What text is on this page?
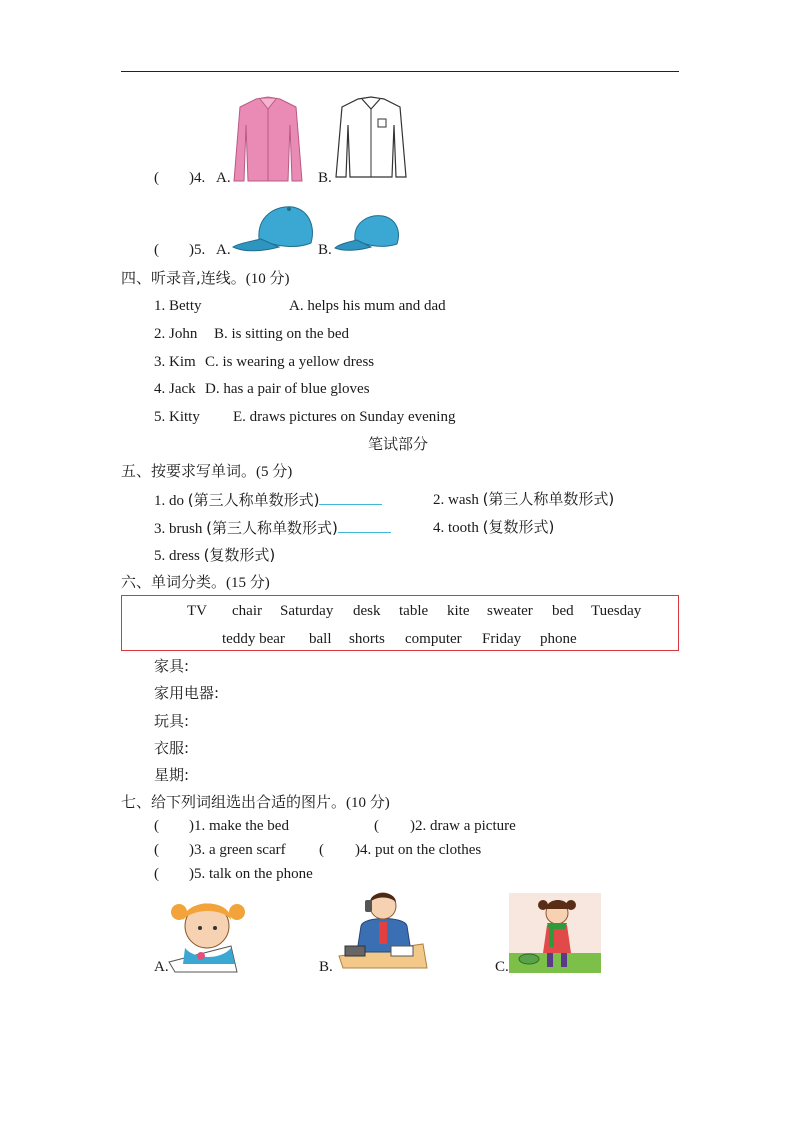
( )4. A.	B.
( )5. A.	B.
四、听录音,连线。(10 分)
1. Betty	A. helps his mum and dad
2. John B. is sitting on the bed
3. Kim C. is wearing a yellow dress
4. Jack D. has a pair of blue gloves
5. Kitty E. draws pictures on Sunday evening
笔试部分
五、按要求写单词。(5 分)
1. do (第三人称单数形式)	2. wash (第三人称单数形式)
3. brush (第三人称单数形式)	4. tooth (复数形式)
5. dress (复数形式)
六、单词分类。(15 分)
TV chair Saturday desk table kite sweater bed Tuesday
teddy bear ball shorts computer Friday phone
家具:
家用电器:
玩具:
衣服:
星期:
七、给下列词组选出合适的图片。(10 分)
( )1. make the bed	( )2. draw a picture
( )3. a green scarf ( )4. put on the clothes
( )5. talk on the phone
A.	B.	C.
